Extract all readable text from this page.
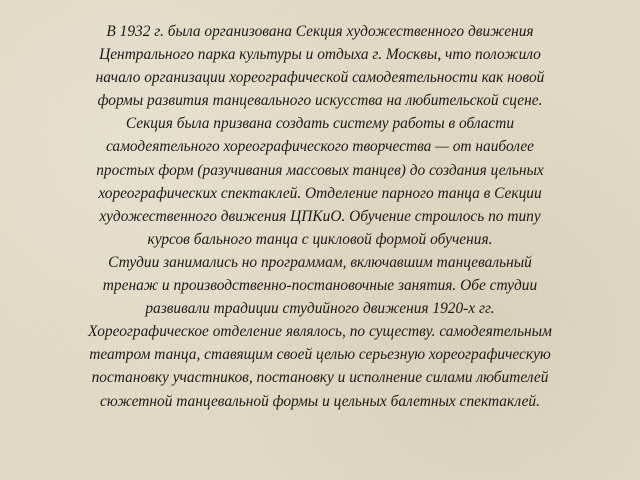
В 1932 г. была организована Секция художественного движения
Центрального парка культуры и отдыха г. Москвы, что положило
начало организации хореографической самодеятельности как новой
формы развития танцевального искусства на любительской сцене.
Секция была призвана создать систему работы в области
самодеятельного хореографического творчества — от наиболее
простых форм (разучивания массовых танцев) до создания цельных
хореографических спектаклей. Отделение парного танца в Секции
художественного движения ЦПКиО. Обучение строилось по типу
курсов бального танца с цикловой формой обучения.

Студии занимались но программам, включавшим танцевальный
тренаж и производственно-постановочные занятия. Обе студии
развивали традиции студийного движения 1920-х гг.

Хореографическое отделение являлось, по существу. самодеятельным
театром танца, ставящим своей целью серьезную хореографическую
постановку участников, постановку и исполнение силами любителей
сюжетной танцевальной формы и цельных балетных спектаклей.
